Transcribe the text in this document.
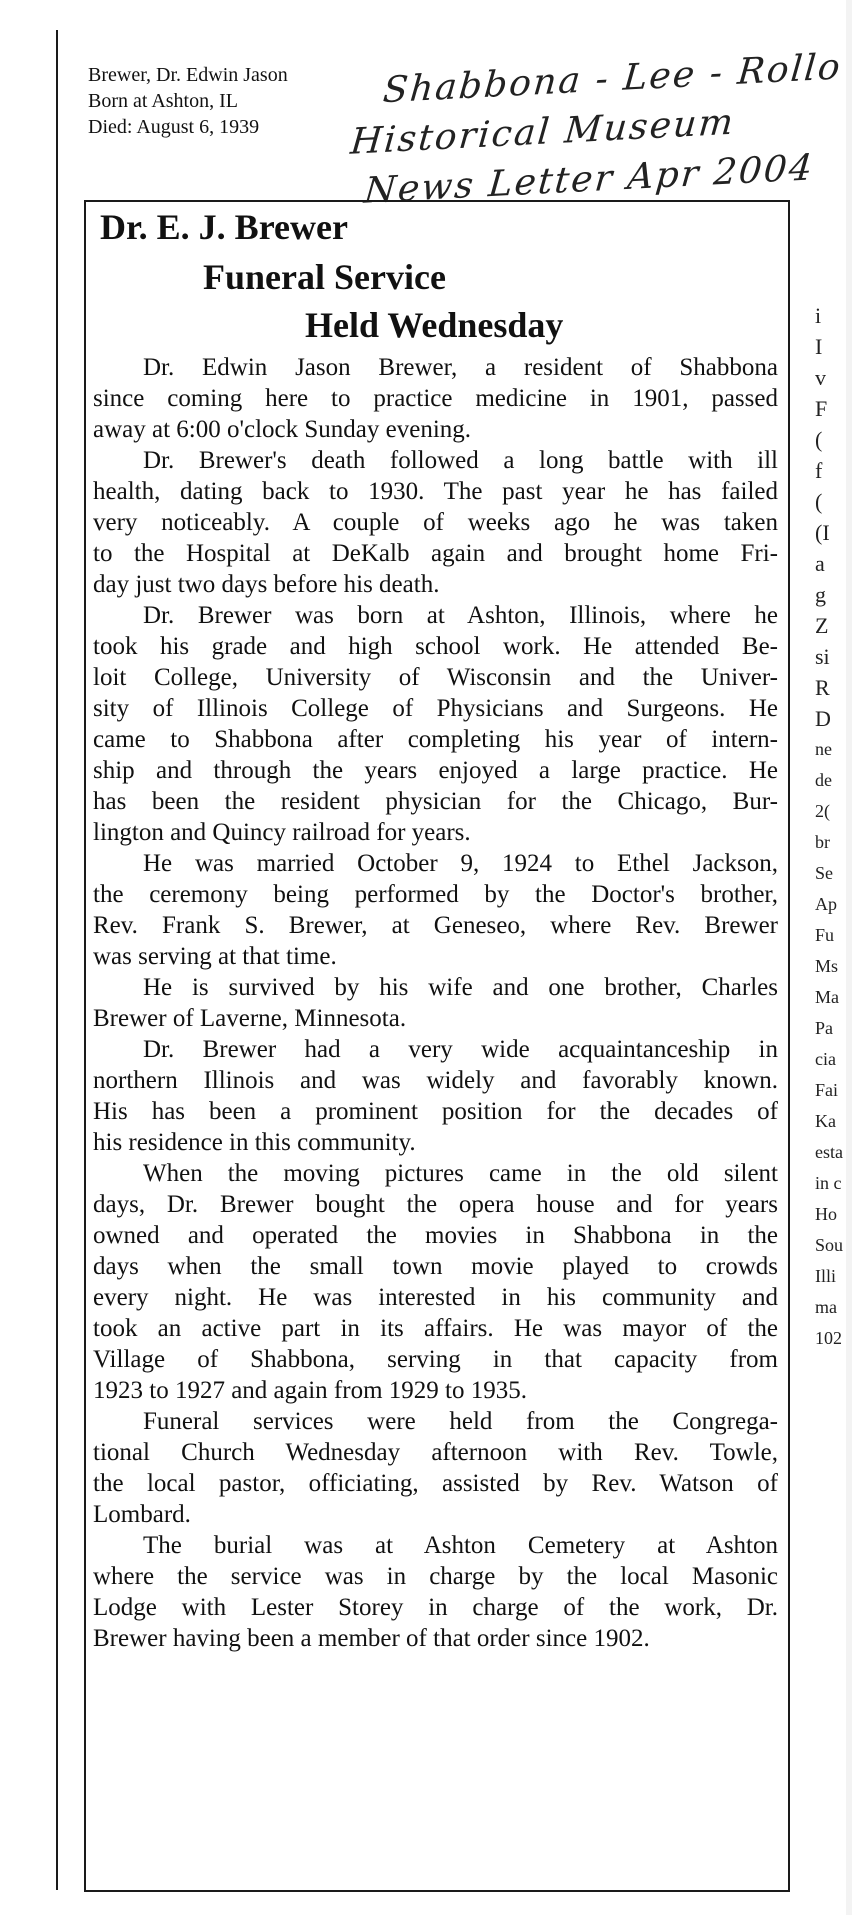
Brewer, Dr. Edwin Jason
Born at Ashton, IL
Died: August 6, 1939
Shabbona - Lee - Rollo
Historical Museum
News Letter Apr 2004
Dr. E. J. Brewer
Funeral Service
Held Wednesday
Dr. Edwin Jason Brewer, a resident of Shabbona
since coming here to practice medicine in 1901, passed
away at 6:00 o'clock Sunday evening.
Dr. Brewer's death followed a long battle with ill
health, dating back to 1930. The past year he has failed
very noticeably. A couple of weeks ago he was taken
to the Hospital at DeKalb again and brought home Fri-
day just two days before his death.
Dr. Brewer was born at Ashton, Illinois, where he
took his grade and high school work. He attended Be-
loit College, University of Wisconsin and the Univer-
sity of Illinois College of Physicians and Surgeons. He
came to Shabbona after completing his year of intern-
ship and through the years enjoyed a large practice. He
has been the resident physician for the Chicago, Bur-
lington and Quincy railroad for years.
He was married October 9, 1924 to Ethel Jackson,
the ceremony being performed by the Doctor's brother,
Rev. Frank S. Brewer, at Geneseo, where Rev. Brewer
was serving at that time.
He is survived by his wife and one brother, Charles
Brewer of Laverne, Minnesota.
Dr. Brewer had a very wide acquaintanceship in
northern Illinois and was widely and favorably known.
His has been a prominent position for the decades of
his residence in this community.
When the moving pictures came in the old silent
days, Dr. Brewer bought the opera house and for years
owned and operated the movies in Shabbona in the
days when the small town movie played to crowds
every night. He was interested in his community and
took an active part in its affairs. He was mayor of the
Village of Shabbona, serving in that capacity from
1923 to 1927 and again from 1929 to 1935.
Funeral services were held from the Congrega-
tional Church Wednesday afternoon with Rev. Towle,
the local pastor, officiating, assisted by Rev. Watson of
Lombard.
The burial was at Ashton Cemetery at Ashton
where the service was in charge by the local Masonic
Lodge with Lester Storey in charge of the work, Dr.
Brewer having been a member of that order since 1902.
i
I
v
F
(
f
(
(I
a
g
Z
si
R
D
ne
de
2(
br
Se
Ap
Fu
Ms
Ma
Pa
cia
Fai
Ka
esta
in c
Ho
Sou
Illi
ma
102
